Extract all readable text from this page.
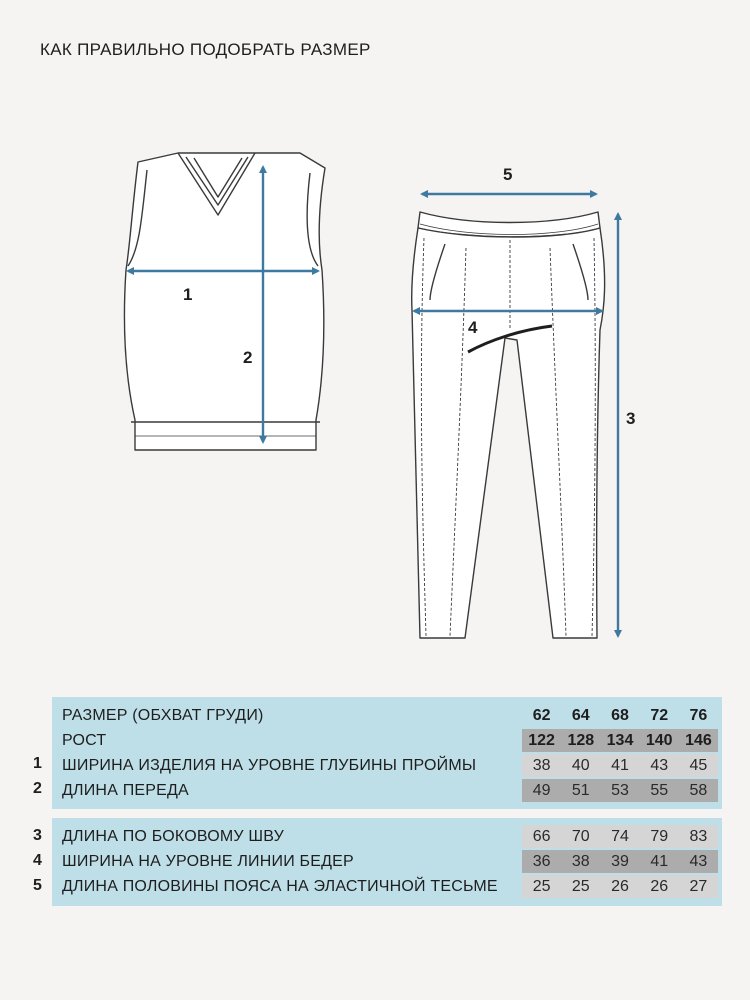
КАК ПРАВИЛЬНО ПОДОБРАТЬ РАЗМЕР
1
2
5
4
3
РАЗМЕР (ОБХВАТ ГРУДИ)	62	64	68	72	76
РОСТ	122 128 134 140 146
ШИРИНА ИЗДЕЛИЯ НА УРОВНЕ ГЛУБИНЫ ПРОЙМЫ	38	40	41	43	45
ДЛИНА ПЕРЕДА	49	51	53	55	58
1
2
ДЛИНА ПО БОКОВОМУ ШВУ	66	70	74	79	83
ШИРИНА НА УРОВНЕ ЛИНИИ БЕДЕР	36	38	39	41	43
ДЛИНА ПОЛОВИНЫ ПОЯСА НА ЭЛАСТИЧНОЙ ТЕСЬМЕ	25	25	26	26	27
3
4
5
